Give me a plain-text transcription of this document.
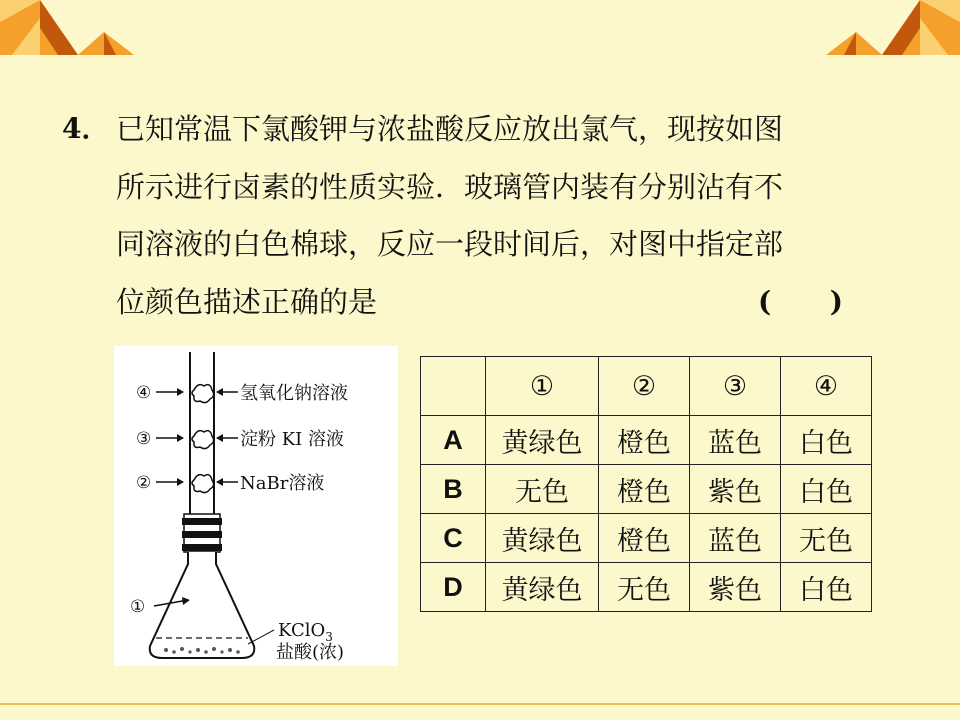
4． 已知常温下氯酸钾与浓盐酸反应放出氯气，现按如图
所示进行卤素的性质实验．玻璃管内装有分别沾有不
同溶液的白色棉球，反应一段时间后，对图中指定部
位颜色描述正确的是	(      )
④
③
②
①
氢氧化钠溶液
淀粉 KI 溶液
NaBr溶液
KClO$_3$
盐酸(浓)
	①	②	③	④
A	黄绿色	橙色	蓝色	白色
B	无色	橙色	紫色	白色
C	黄绿色	橙色	蓝色	无色
D	黄绿色	无色	紫色	白色
